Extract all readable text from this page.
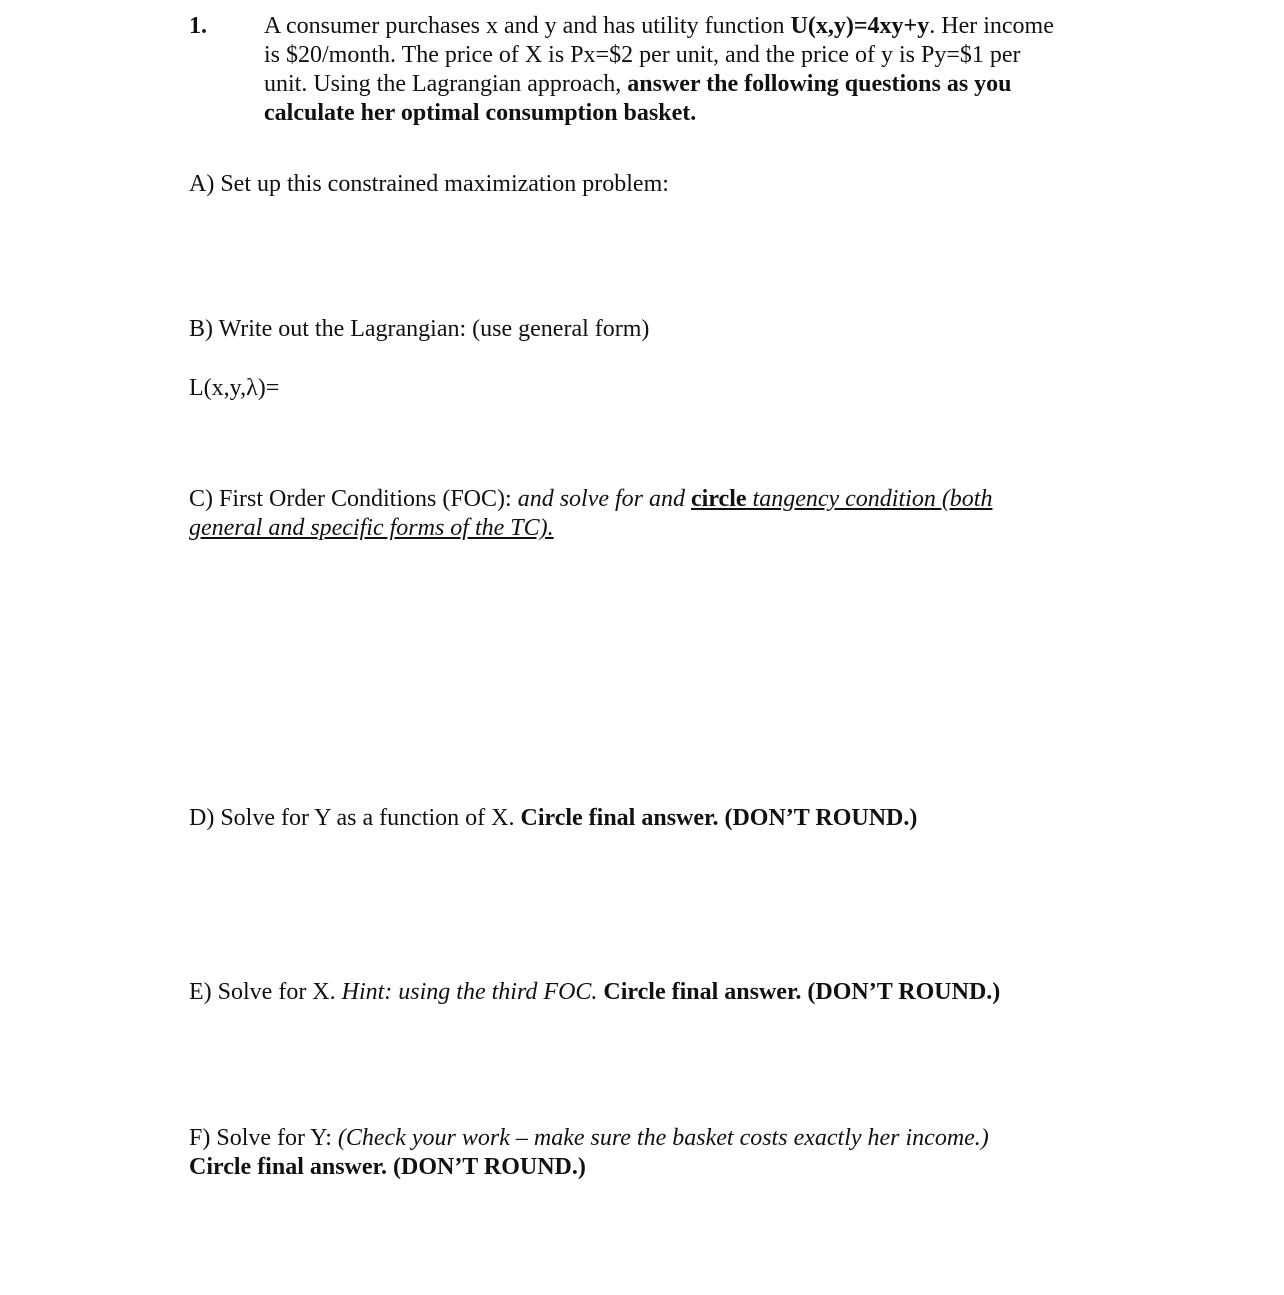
1. A consumer purchases x and y and has utility function U(x,y)=4xy+y. Her income
is $20/month. The price of X is Px=$2 per unit, and the price of y is Py=$1 per
unit. Using the Lagrangian approach, answer the following questions as you
calculate her optimal consumption basket.
A) Set up this constrained maximization problem:
B) Write out the Lagrangian: (use general form)
L(x,y,λ)=
C) First Order Conditions (FOC): and solve for and circle tangency condition (both
general and specific forms of the TC).
D) Solve for Y as a function of X. Circle final answer. (DON’T ROUND.)
E) Solve for X. Hint: using the third FOC. Circle final answer. (DON’T ROUND.)
F) Solve for Y: (Check your work – make sure the basket costs exactly her income.)
Circle final answer. (DON’T ROUND.)
